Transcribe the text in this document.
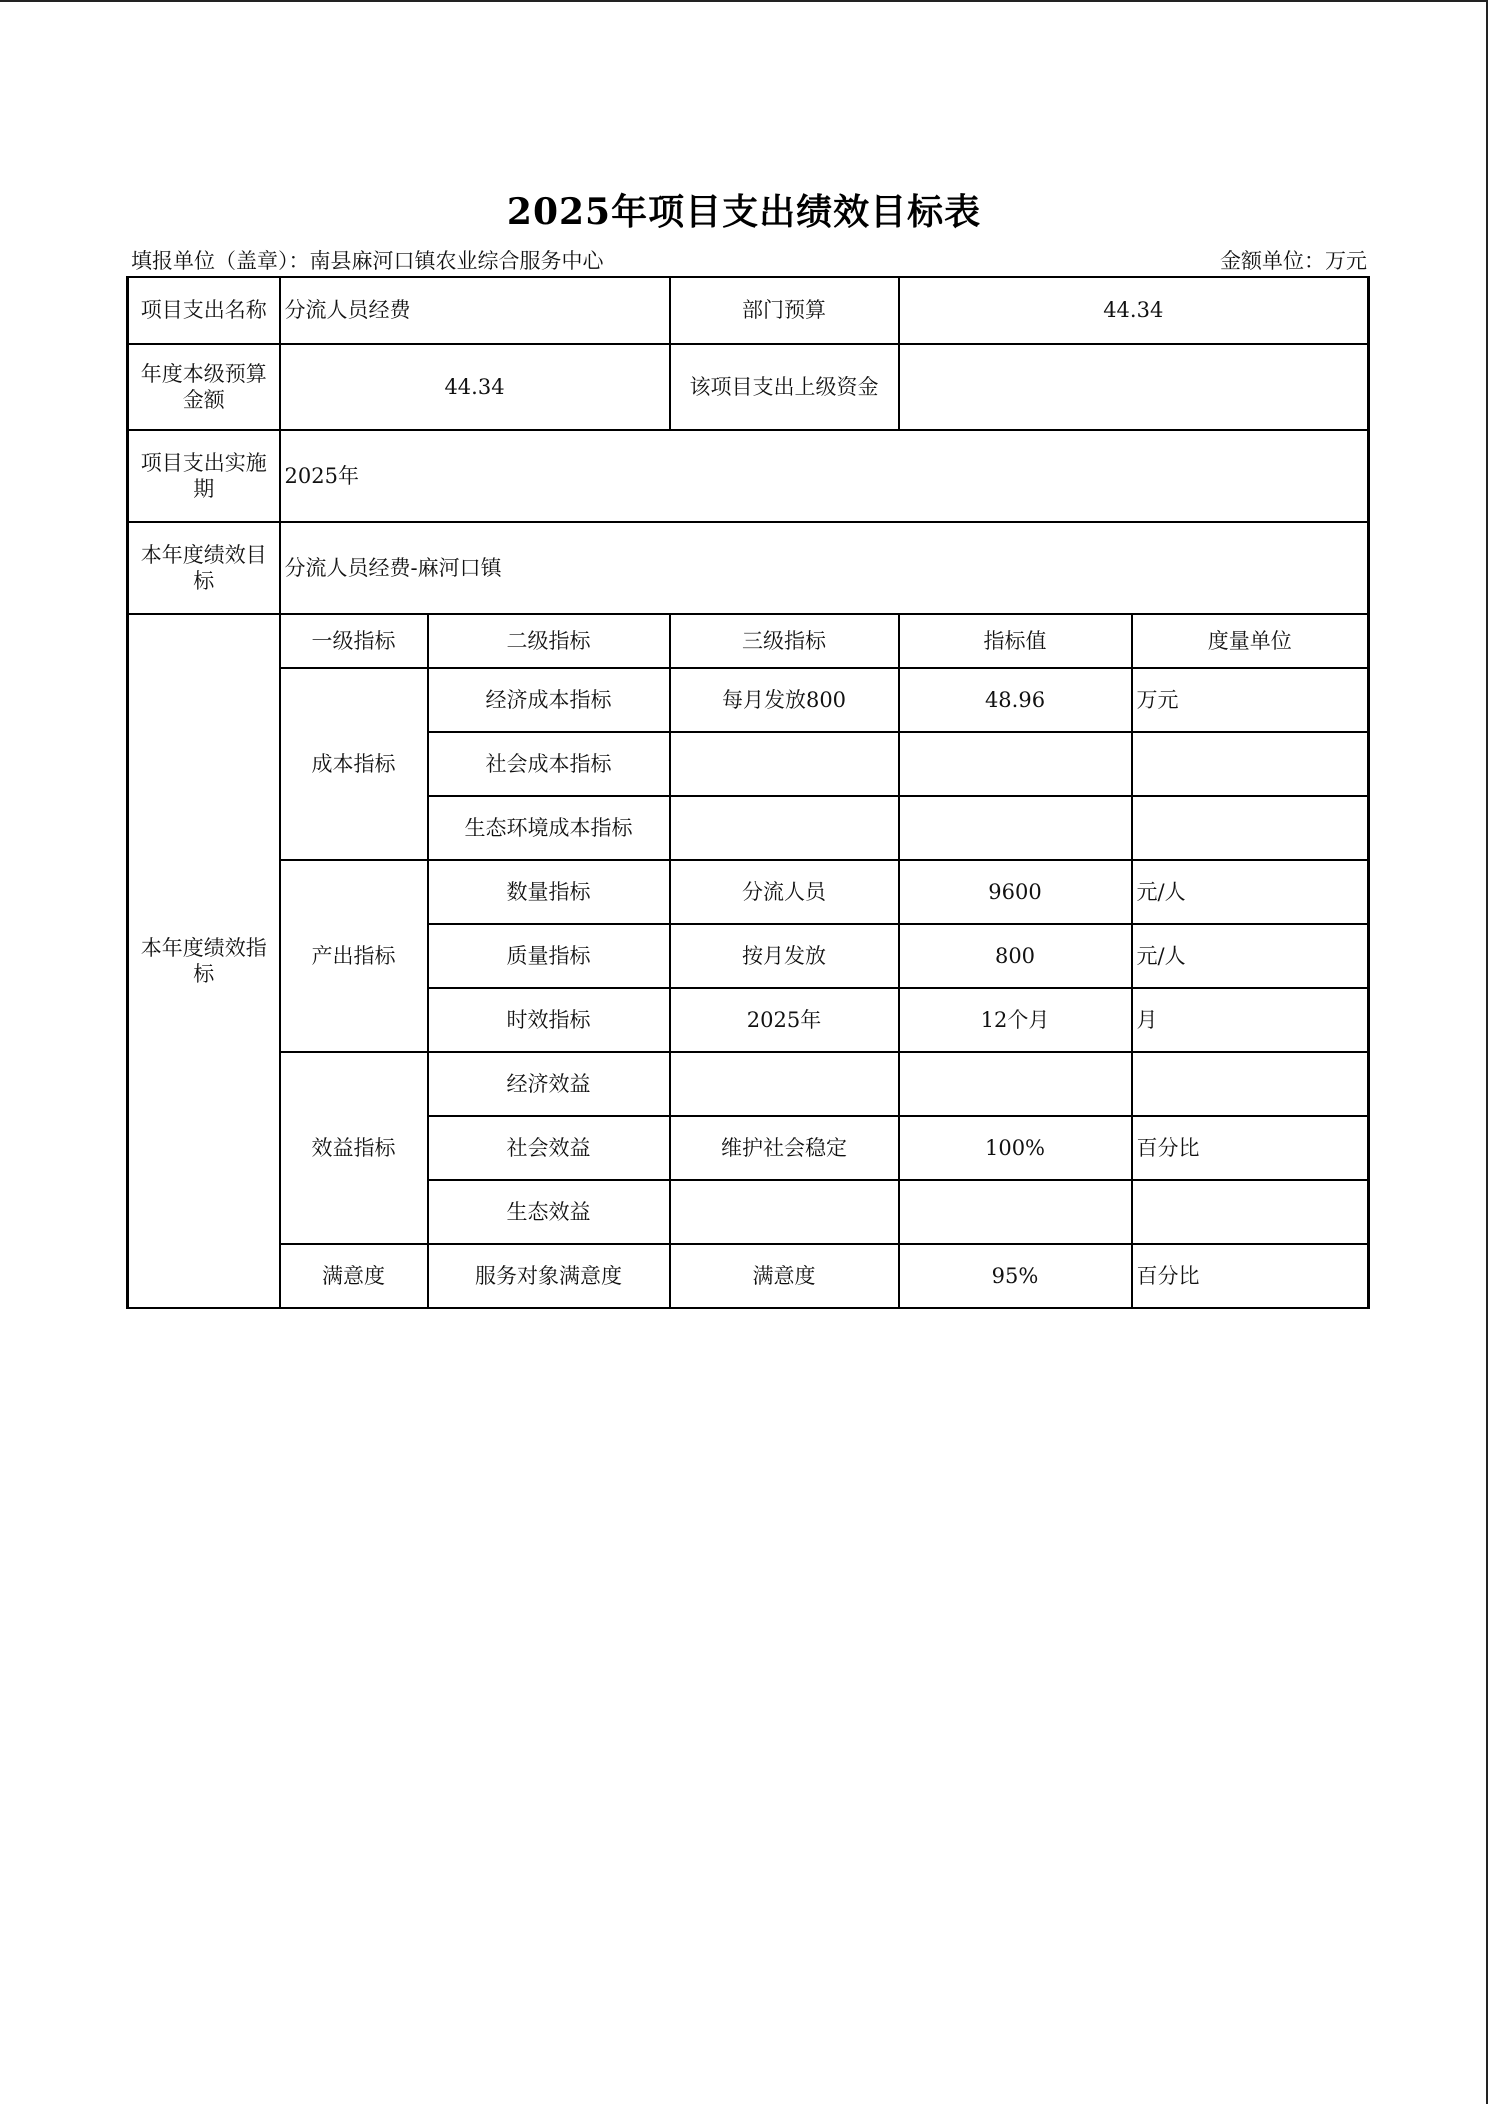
2025年项目支出绩效目标表
填报单位（盖章）：南县麻河口镇农业综合服务中心	金额单位：万元
项目支出名称	分流人员经费		部门预算	44.34	
年度本级预算金额	44.34		该项目支出上级资金		
项目支出实施期	2025年				
本年度绩效目标	分流人员经费-麻河口镇				
本年度绩效指标	一级指标	二级指标	三级指标	指标值	度量单位
	成本指标	经济成本指标	每月发放800	48.96	万元
		社会成本指标			
		生态环境成本指标			
	产出指标	数量指标	分流人员	9600	元/人
		质量指标	按月发放	800	元/人
		时效指标	2025年	12个月	月
	效益指标	经济效益			
		社会效益	维护社会稳定	100%	百分比
		生态效益			
	满意度	服务对象满意度	满意度	95%	百分比
